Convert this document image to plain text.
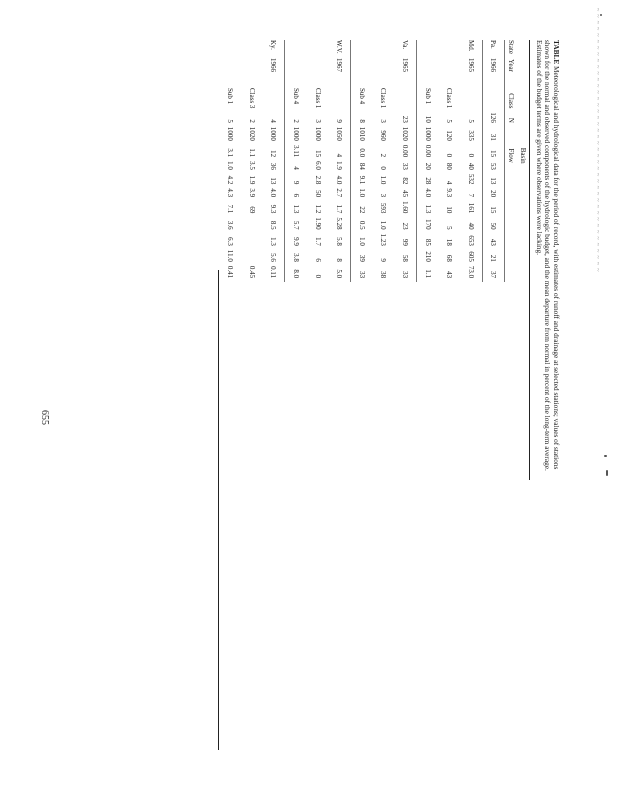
~ ~ ~ ~ ~ ~ ~ ~ ~ ~ ~ ~ ~ ~ ~ ~ ~ ~ ~ ~ ~ ~ ~ ~ ~ ~ ~ ~ ~ ~ ~ ~ ~ ~ ~ ~ ~ ~ ~ ~ ~ ~
655
TABLE Meteorological and hydrological data for the period of record, with estimates of runoff and drainage at selected stations; values of stations shown for the normal and observed components of the hydrologic budget, and the mean departure from normal in percent of the long-term average. Estimates of the budget terms are given where observations were lacking.
				Basin									
State	Year	Class	N	Flow									
Pa.	1966		126	31	15	53	13	20	15	50	43	21	37
Md.	1965		5	335	0	40	532	7	161	40	653	605	73.0
		Class 1	5	120	0	80	4	9.3	10	5	18	68	43
		Sub 1	10	1000	0.00	20	28	4.0	1.3	170	85	210	1.1
Va.	1965		23	1020	0.00	33	82	45	1.60	23	99	58	33
		Class 1	3	960	2	0	1.0	3	593	1.0	1.23	9	38
		Sub 4	8	1010	0.0	84	9.1	1.0	22	0.5	1.0	39	33
W.V.	1967		9	1050	4	1.9	4.0	2.7	1.7	5.28	5.8	8	5.0
		Class 1	3	1000	15	6.0	2.8	50	1.2	1.90	1.7	6	0
		Sub 4	2	1000	3.11	4	9	6	1.3	5.7	9.9	3.8	8.0
Ky.	1966		4	1000	12	36	13	4.0	9.3	8.5	1.3	5.6	0.11
		Class 3	2	1020	1.1	3.5	1.9	3.9	69				0.45
		Sub 1	5	1000	3.1	1.0	4.2	4.3	7.1	3.6	6.3	11.0	0.41
